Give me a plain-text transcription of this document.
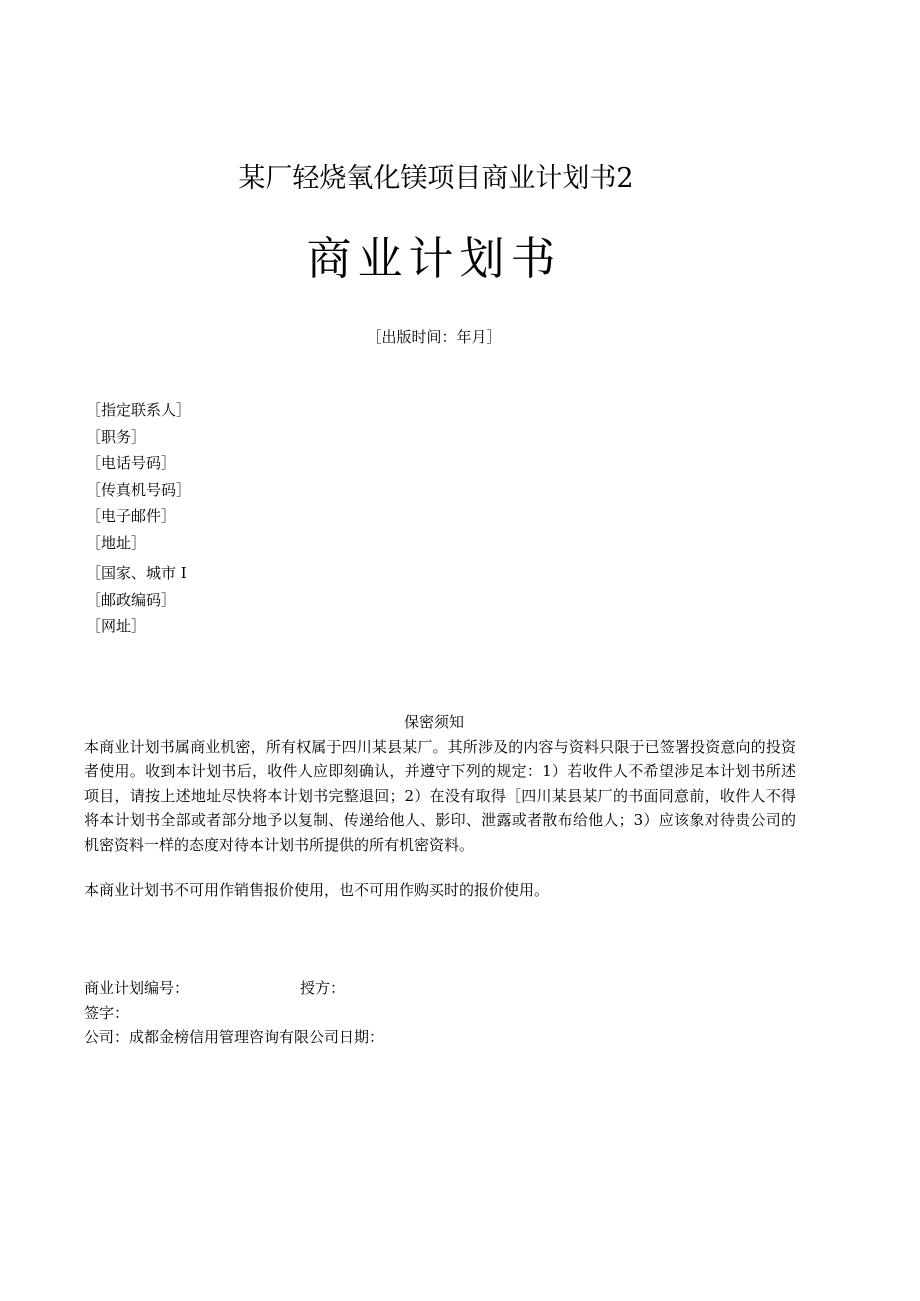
某厂轻烧氧化镁项目商业计划书2
商业计划书
［出版时间：年月］
［指定联系人］
［职务］
［电话号码］
［传真机号码］
［电子邮件］
［地址］
［国家、城市 I
［邮政编码］
［网址］
保密须知

本商业计划书属商业机密，所有权属于四川某县某厂。其所涉及的内容与资料只限于已签署投资意向的投资者使用。收到本计划书后，收件人应即刻确认，并遵守下列的规定：1）若收件人不希望涉足本计划书所述项目，请按上述地址尽快将本计划书完整退回；2）在没有取得［四川某县某厂的书面同意前，收件人不得将本计划书全部或者部分地予以复制、传递给他人、影印、泄露或者散布给他人；3）应该象对待贵公司的机密资料一样的态度对待本计划书所提供的所有机密资料。

本商业计划书不可用作销售报价使用，也不可用作购买时的报价使用。

商业计划编号：	授方：
签字：
公司：成都金榜信用管理咨询有限公司日期：
